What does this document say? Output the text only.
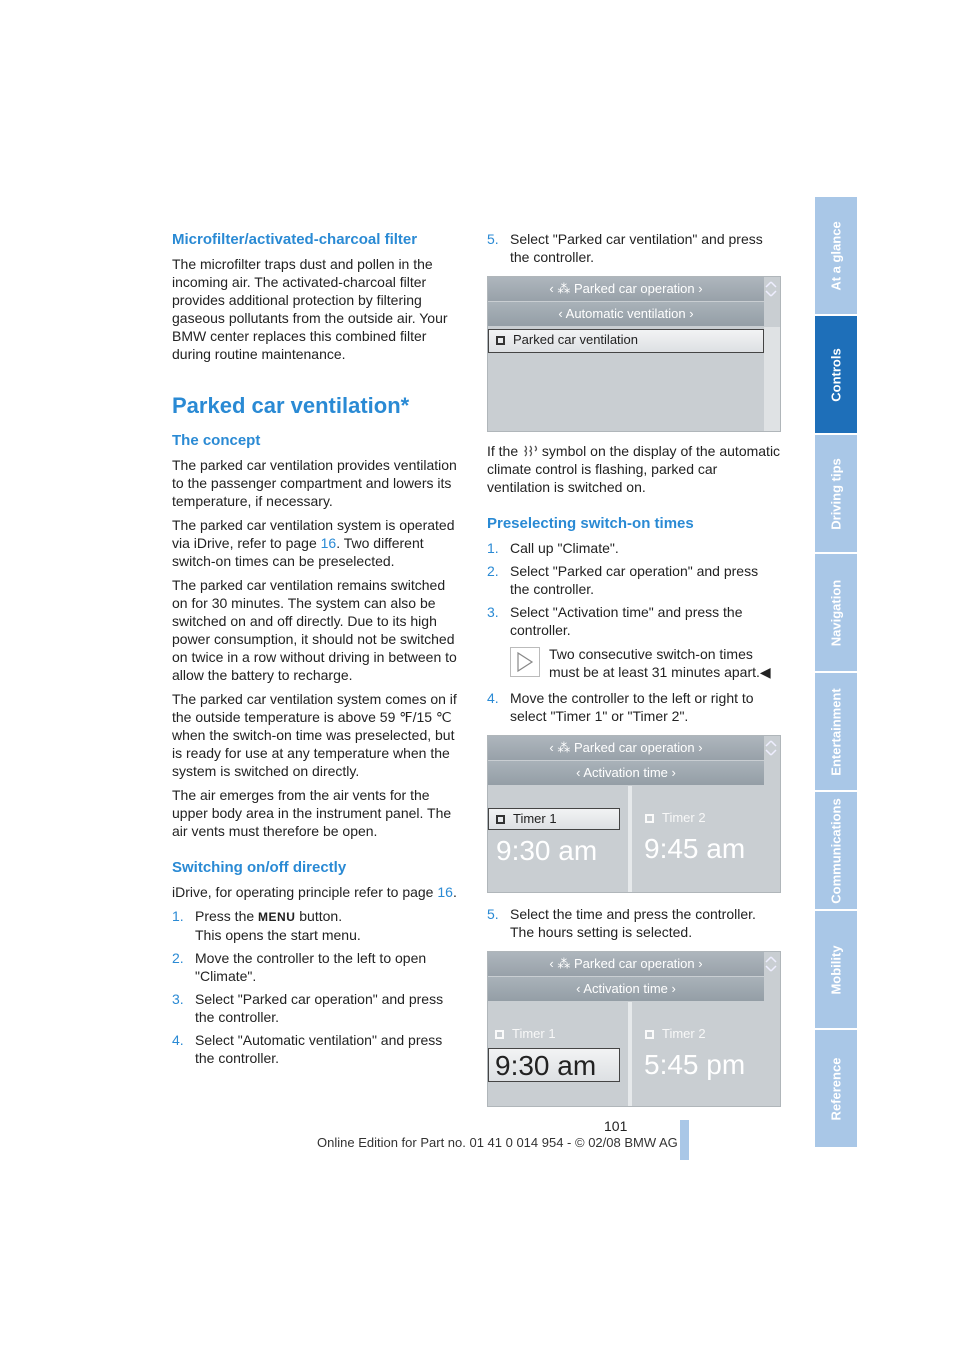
Microfilter/activated-charcoal filter

The microfilter traps dust and pollen in the incoming air. The activated-charcoal filter provides additional protection by filtering gaseous pollutants from the outside air. Your BMW center replaces this combined filter during routine maintenance.

Parked car ventilation*
The concept

The parked car ventilation provides ventilation to the passenger compartment and lowers its temperature, if necessary.

The parked car ventilation system is operated via iDrive, refer to page 16. Two different switch-on times can be preselected.

The parked car ventilation remains switched on for 30 minutes. The system can also be switched on and off directly. Due to its high power consumption, it should not be switched on twice in a row without driving in between to allow the battery to recharge.

The parked car ventilation system comes on if the outside temperature is above 59 ℉/15 ℃ when the switch-on time was preselected, but is ready for use at any temperature when the system is switched on directly.

The air emerges from the air vents for the upper body area in the instrument panel. The air vents must therefore be open.

Switching on/off directly

iDrive, for operating principle refer to page 16.

1. Press the MENU button.
This opens the start menu.
2. Move the controller to the left to open "Climate".
3. Select "Parked car operation" and press the controller.
4. Select "Automatic ventilation" and press the controller.
5. Select "Parked car ventilation" and press the controller.
‹ ⁂ Parked car operation ›
‹ Automatic ventilation ›
Parked car ventilation

If the  symbol on the display of the automatic climate control is flashing, parked car ventilation is switched on.

Preselecting switch-on times
1. Call up "Climate".
2. Select "Parked car operation" and press the controller.
3. Select "Activation time" and press the controller.
Two consecutive switch-on times must be at least 31 minutes apart.◀
4. Move the controller to the left or right to select "Timer 1" or "Timer 2".
‹ ⁂ Parked car operation ›
‹ Activation time ›
Timer 1
9:30 am
Timer 2
9:45 am
5. Select the time and press the controller. The hours setting is selected.
‹ ⁂ Parked car operation ›
‹ Activation time ›
Timer 1
9:30 am
Timer 2
5:45 pm
At a glance
Controls
Driving tips
Navigation
Entertainment
Communications
Mobility
Reference
101
Online Edition for Part no. 01 41 0 014 954 - © 02/08 BMW AG
